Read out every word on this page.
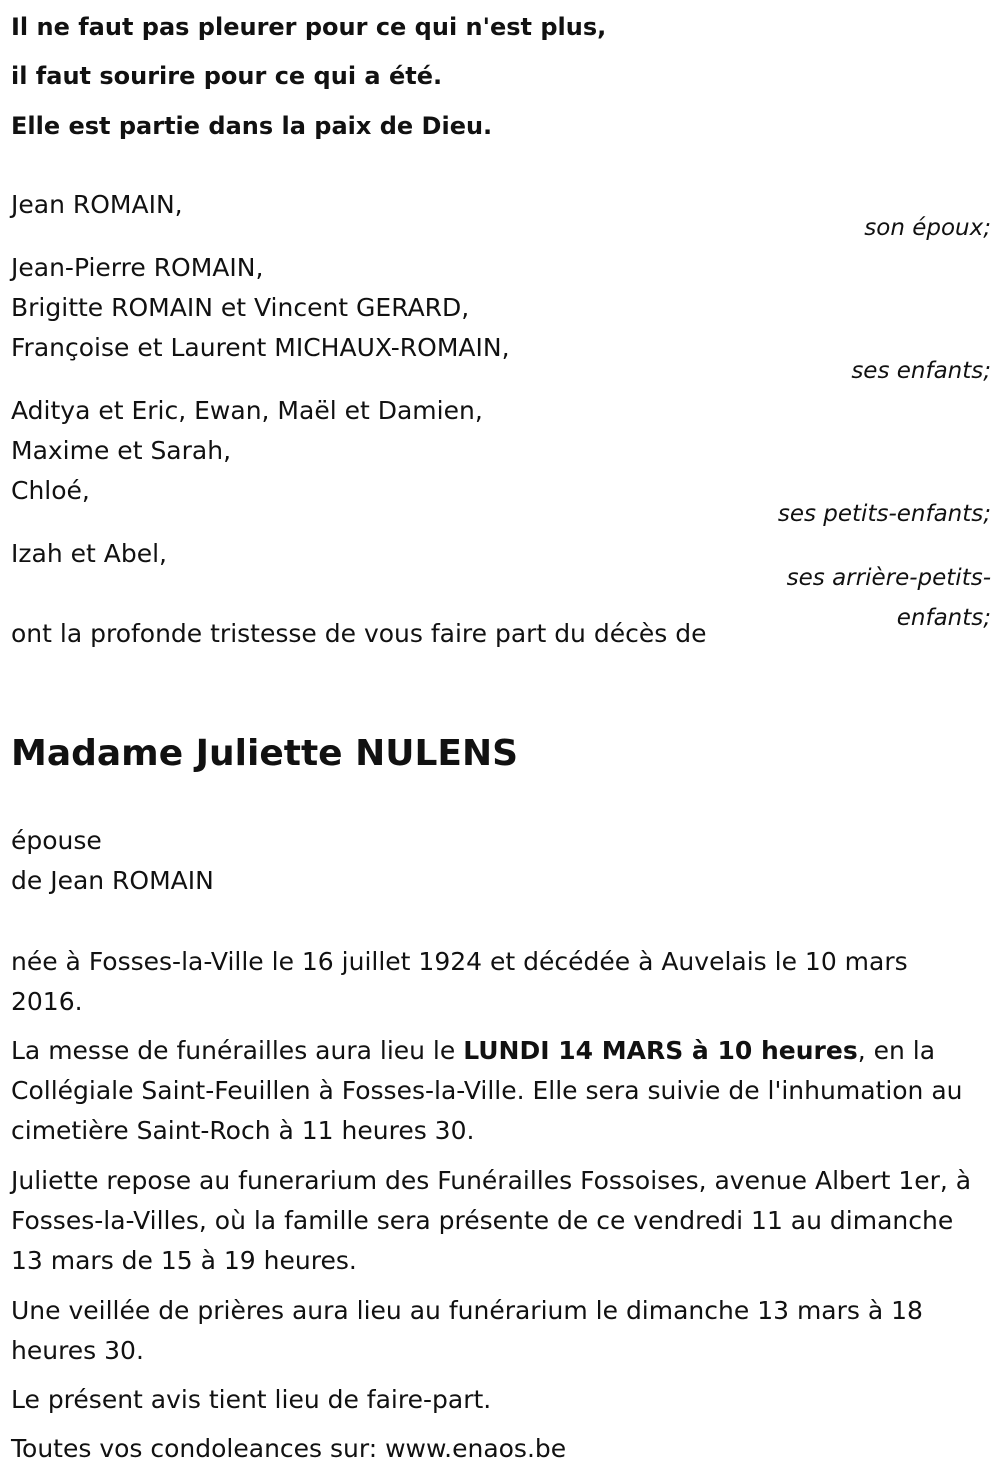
Il ne faut pas pleurer pour ce qui n'est plus,
il faut sourire pour ce qui a été.
Elle est partie dans la paix de Dieu.
Jean ROMAIN,
son époux;
Jean-Pierre ROMAIN,
Brigitte ROMAIN et Vincent GERARD,
Françoise et Laurent MICHAUX-ROMAIN,
ses enfants;
Aditya et Eric, Ewan, Maël et Damien,
Maxime et Sarah,
Chloé,
ses petits-enfants;
Izah et Abel,
ses arrière-petits-enfants;
ont la profonde tristesse de vous faire part du décès de
Madame Juliette NULENS
épouse
de Jean ROMAIN

née à Fosses-la-Ville le 16 juillet 1924 et décédée à Auvelais le 10 mars 2016.

La messe de funérailles aura lieu le LUNDI 14 MARS à 10 heures, en la Collégiale Saint-Feuillen à Fosses-la-Ville. Elle sera suivie de l'inhumation au cimetière Saint-Roch à 11 heures 30.

Juliette repose au funerarium des Funérailles Fossoises, avenue Albert 1er, à Fosses-la-Villes, où la famille sera présente de ce vendredi 11 au dimanche 13 mars de 15 à 19 heures.

Une veillée de prières aura lieu au funérarium le dimanche 13 mars à 18 heures 30.

Le présent avis tient lieu de faire-part.

Toutes vos condoleances sur: www.enaos.be
